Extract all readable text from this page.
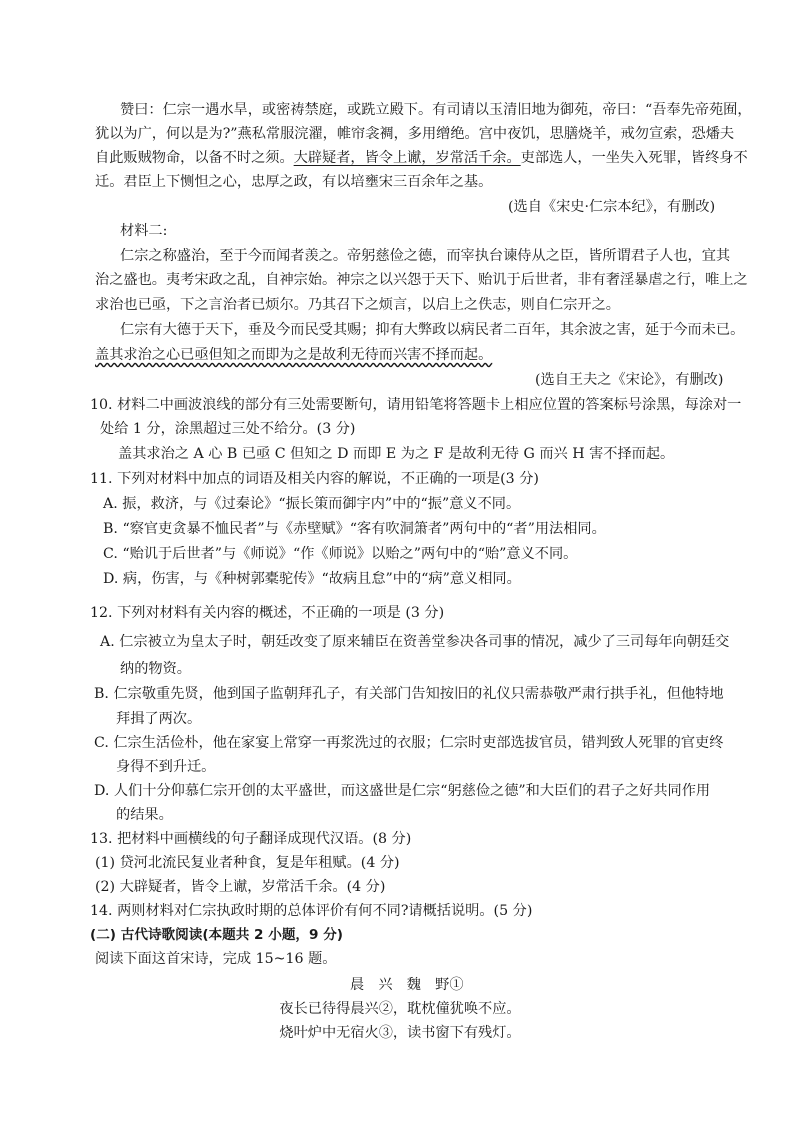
赞曰：仁宗一遇水旱，或密祷禁庭，或跣立殿下。有司请以玉清旧地为御苑，帝曰：“吾奉先帝苑囿，
犹以为广，何以是为?”燕私常服浣濯，帷帘衾裯，多用缯绝。宫中夜饥，思膳烧羊，戒勿宣索，恐燔夫
自此贩贼物命，以备不时之须。大辟疑者，皆令上谳，岁常活千余。吏部选人，一坐失入死罪，皆终身不
迁。君臣上下恻怛之心，忠厚之政，有以培壅宋三百余年之基。
(选自《宋史·仁宗本纪》，有删改)
材料二:
仁宗之称盛治，至于今而闻者羡之。帝躬慈俭之德，而宰执台谏侍从之臣，皆所谓君子人也，宜其
治之盛也。夷考宋政之乱，自神宗始。神宗之以兴怨于天下、贻讥于后世者，非有奢淫暴虐之行，唯上之
求治也已亟，下之言治者已烦尔。乃其召下之烦言，以启上之佚志，则自仁宗开之。
仁宗有大德于天下，垂及今而民受其赐；抑有大弊政以病民者二百年，其余波之害，延于今而未已。
盖其求治之心已亟但知之而即为之是故利无待而兴害不择而起。
(选自王夫之《宋论》，有删改)
10. 材料二中画波浪线的部分有三处需要断句，请用铅笔将答题卡上相应位置的答案标号涂黑，每涂对一
处给 1 分，涂黑超过三处不给分。(3 分)
盖其求治之 A 心 B 已亟 C 但知之 D 而即 E 为之 F 是故利无待 G 而兴 H 害不择而起。
11. 下列对材料中加点的词语及相关内容的解说，不正确的一项是(3 分)
A. 振，救济，与《过秦论》“振长策而御宇内”中的“振”意义不同。
B. “察官吏贪暴不恤民者”与《赤壁赋》“客有吹洞箫者”两句中的“者”用法相同。
C. “贻讥于后世者”与《师说》“作《师说》以贻之”两句中的“贻”意义不同。
D. 病，伤害，与《种树郭橐驼传》“故病且怠”中的“病”意义相同。
12. 下列对材料有关内容的概述，不正确的一项是 (3 分)
A. 仁宗被立为皇太子时，朝廷改变了原来辅臣在资善堂参决各司事的情况，减少了三司每年向朝廷交
纳的物资。
B. 仁宗敬重先贤，他到国子监朝拜孔子，有关部门告知按旧的礼仪只需恭敬严肃行拱手礼，但他特地
拜揖了两次。
C. 仁宗生活俭朴，他在家宴上常穿一再浆洗过的衣服；仁宗时吏部选拔官员，错判致人死罪的官吏终
身得不到升迁。
D. 人们十分仰慕仁宗开创的太平盛世，而这盛世是仁宗“躬慈俭之德”和大臣们的君子之好共同作用
的结果。
13. 把材料中画横线的句子翻译成现代汉语。(8 分)
(1) 贷河北流民复业者种食，复是年租赋。(4 分)
(2) 大辟疑者，皆令上谳，岁常活千余。(4 分)
14. 两则材料对仁宗执政时期的总体评价有何不同?请概括说明。(5 分)
(二) 古代诗歌阅读(本题共 2 小题，9 分)
阅读下面这首宋诗，完成 15~16 题。
晨　兴　魏　野①
夜长已待得晨兴②，耽枕僮犹唤不应。
烧叶炉中无宿火③，读书窗下有残灯。
